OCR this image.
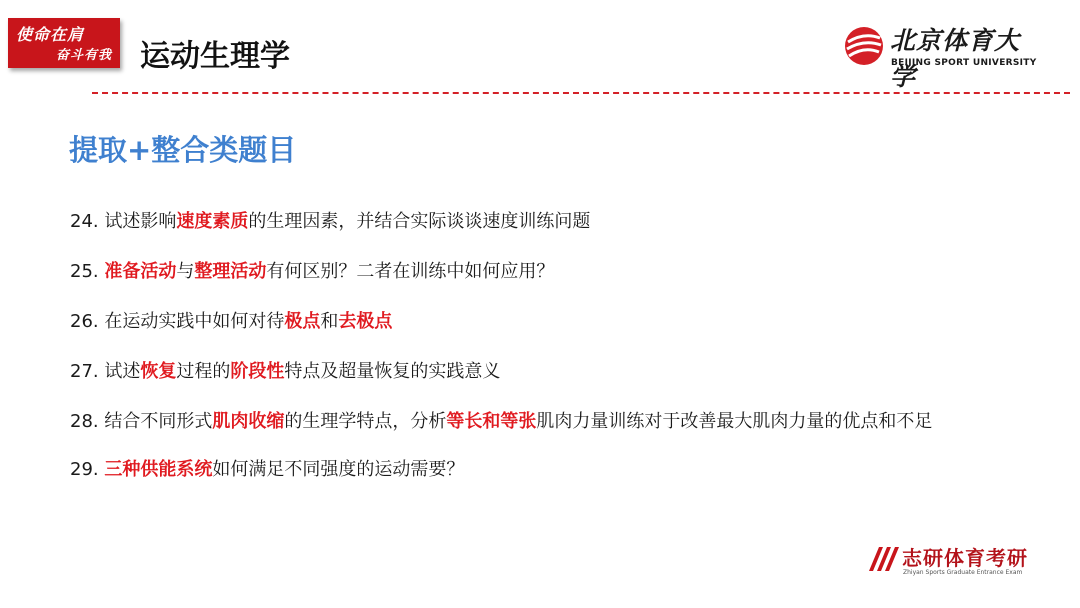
使命在肩
奋斗有我 运动生理学	北京体育大学
BEIJING SPORT UNIVERSITY
提取+整合类题目
24. 试述影响速度素质的生理因素，并结合实际谈谈速度训练问题
25. 准备活动与整理活动有何区别？二者在训练中如何应用？
26. 在运动实践中如何对待极点和去极点
27. 试述恢复过程的阶段性特点及超量恢复的实践意义
28. 结合不同形式肌肉收缩的生理学特点，分析等长和等张肌肉力量训练对于改善最大肌肉力量的优点和不足
29. 三种供能系统如何满足不同强度的运动需要？
志研体育考研
Zhiyan Sports Graduate Entrance Exam
